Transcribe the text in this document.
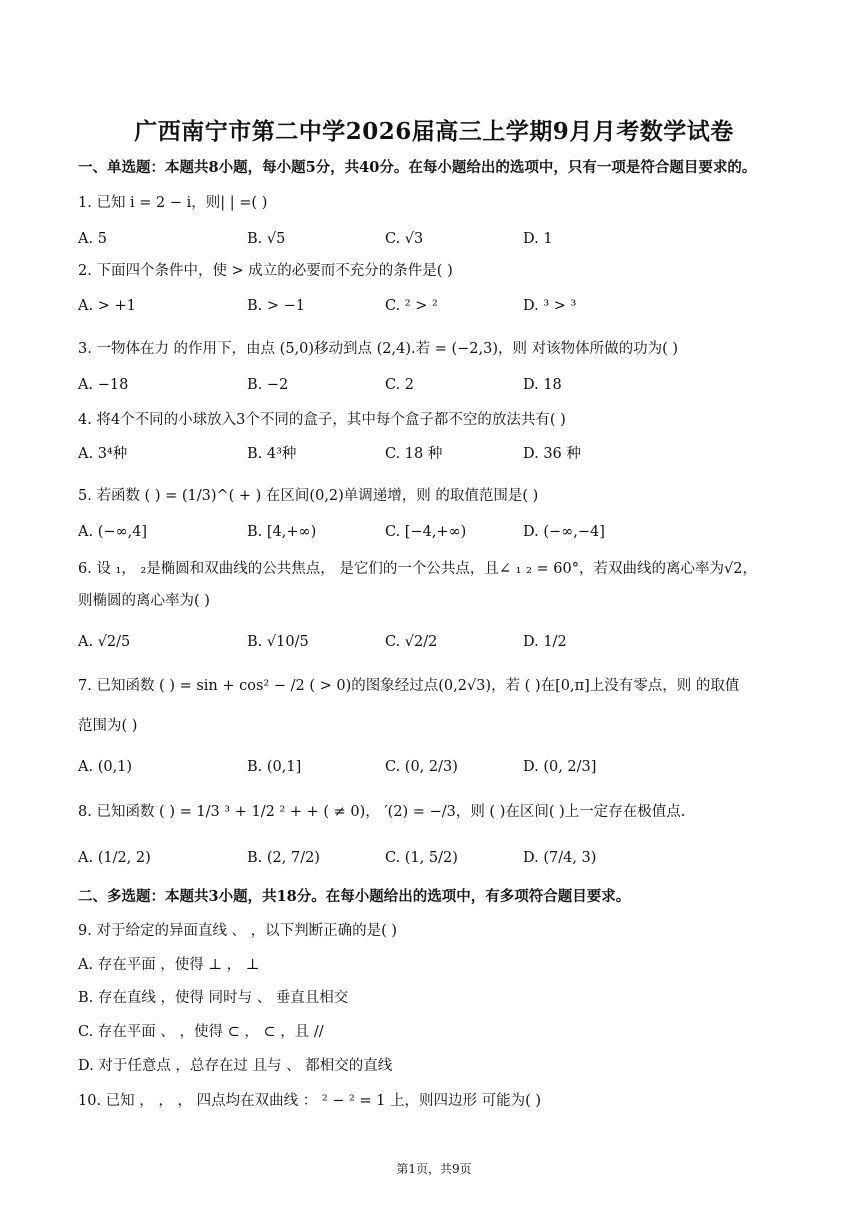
广西南宁市第二中学2026届高三上学期9月月考数学试卷
一、单选题：本题共8小题，每小题5分，共40分。在每小题给出的选项中，只有一项是符合题目要求的。
1. 已知 i = 2 − i，则| | =( )
A. 5	B. √5	C. √3	D. 1
2. 下面四个条件中，使 > 成立的必要而不充分的条件是( )
A. > +1	B. > −1	C. ² > ²	D. ³ > ³
3. 一物体在力 的作用下，由点 (5,0)移动到点 (2,4).若 = (−2,3)，则 对该物体所做的功为( )
A. −18	B. −2	C. 2	D. 18
4. 将4个不同的小球放入3个不同的盒子，其中每个盒子都不空的放法共有( )
A. 3⁴种	B. 4³种	C. 18 种	D. 36 种
5. 若函数 ( ) = (1/3)^( + ) 在区间(0,2)单调递增，则 的取值范围是( )
A. (−∞,4]	B. [4,+∞)	C. [−4,+∞)	D. (−∞,−4]
6. 设 ₁， ₂是椭圆和双曲线的公共焦点， 是它们的一个公共点，且∠ ₁ ₂ = 60°，若双曲线的离心率为√2，
则椭圆的离心率为( )
A. √2/5	B. √10/5	C. √2/2	D. 1/2
7. 已知函数 ( ) = sin + cos² − /2 ( > 0)的图象经过点(0,2√3)，若 ( )在[0,π]上没有零点，则 的取值
范围为( )
A. (0,1)	B. (0,1]	C. (0, 2/3)	D. (0, 2/3]
8. 已知函数 ( ) = 1/3 ³ + 1/2 ² + + ( ≠ 0)， ′(2) = −/3，则 ( )在区间( )上一定存在极值点.
A. (1/2, 2)	B. (2, 7/2)	C. (1, 5/2)	D. (7/4, 3)
二、多选题：本题共3小题，共18分。在每小题给出的选项中，有多项符合题目要求。
9. 对于给定的异面直线 、 ，以下判断正确的是( )
A. 存在平面 ，使得 ⊥ ， ⊥
B. 存在直线 ，使得 同时与 、 垂直且相交
C. 存在平面 、 ，使得 ⊂ ， ⊂ ，且 //
D. 对于任意点 ，总存在过 且与 、 都相交的直线
10. 已知 ， ， ， 四点均在双曲线 ： ² − ² = 1 上，则四边形 可能为( )
第1页，共9页
